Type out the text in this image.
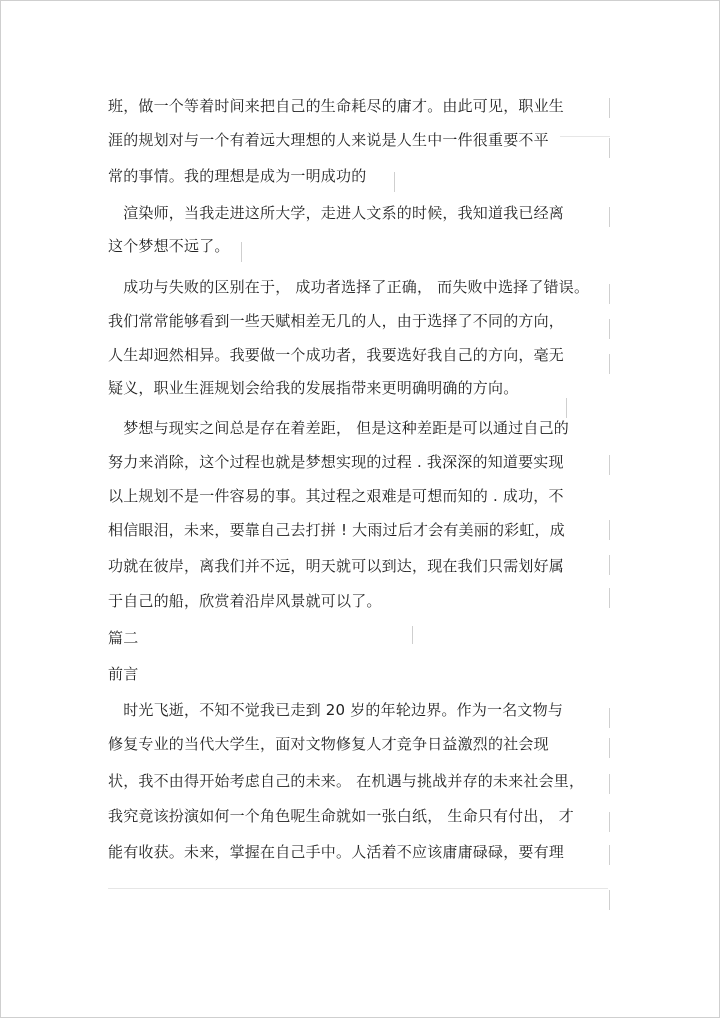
班，做一个等着时间来把自己的生命耗尽的庸才。由此可见，职业生
涯的规划对与一个有着远大理想的人来说是人生中一件很重要不平
常的事情。我的理想是成为一明成功的
　渲染师，当我走进这所大学，走进人文系的时候，我知道我已经离
这个梦想不远了。
　成功与失败的区别在于， 成功者选择了正确， 而失败中选择了错误。
我们常常能够看到一些天赋相差无几的人，由于选择了不同的方向，
人生却迥然相异。我要做一个成功者，我要选好我自己的方向，毫无
疑义，职业生涯规划会给我的发展指带来更明确明确的方向。
　梦想与现实之间总是存在着差距， 但是这种差距是可以通过自己的
努力来消除，这个过程也就是梦想实现的过程 . 我深深的知道要实现
以上规划不是一件容易的事。其过程之艰难是可想而知的 . 成功，不
相信眼泪，未来，要靠自己去打拼 ! 大雨过后才会有美丽的彩虹，成
功就在彼岸，离我们并不远，明天就可以到达，现在我们只需划好属
于自己的船，欣赏着沿岸风景就可以了。
篇二
前言
　时光飞逝，不知不觉我已走到 20 岁的年轮边界。作为一名文物与
修复专业的当代大学生，面对文物修复人才竞争日益激烈的社会现
状，我不由得开始考虑自己的未来。 在机遇与挑战并存的未来社会里，
我究竟该扮演如何一个角色呢生命就如一张白纸， 生命只有付出， 才
能有收获。未来，掌握在自己手中。人活着不应该庸庸碌碌，要有理
